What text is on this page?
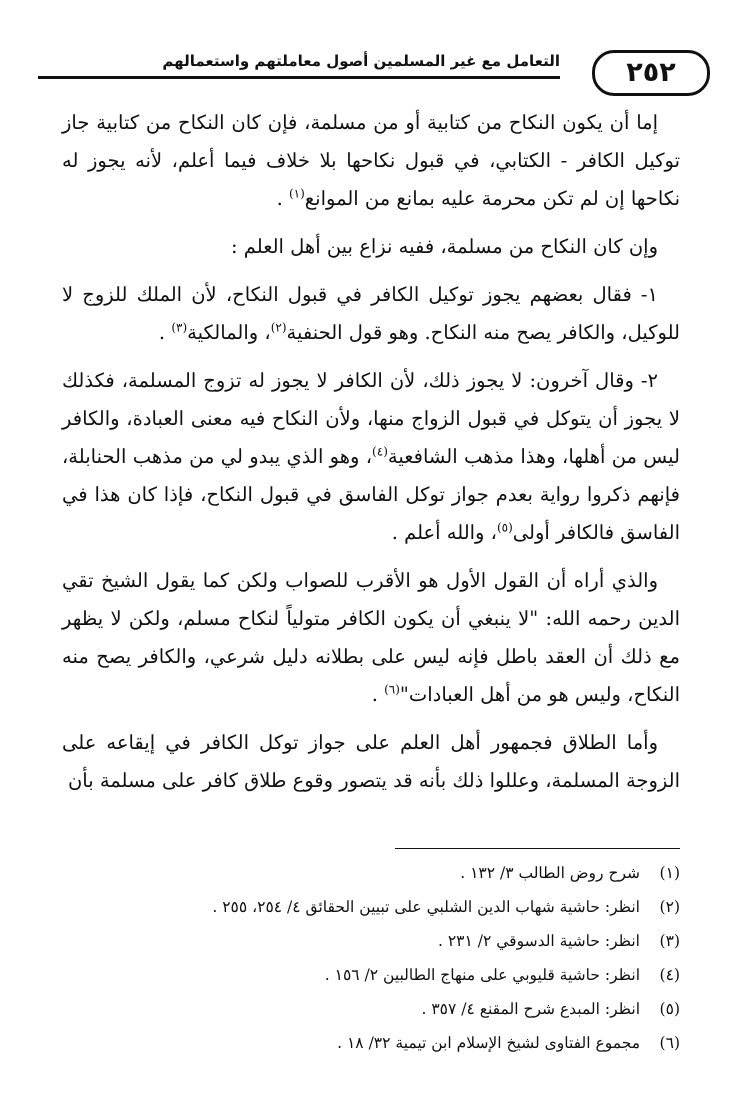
٢٥٢
التعامل مع غير المسلمين أصول معاملتهم واستعمالهم

إما أن يكون النكاح من كتابية أو من مسلمة، فإن كان النكاح من كتابية جاز توكيل الكافر - الكتابي، في قبول نكاحها بلا خلاف فيما أعلم، لأنه يجوز له نكاحها إن لم تكن محرمة عليه بمانع من الموانع$^{(١)}$ .

وإن كان النكاح من مسلمة، ففيه نزاع بين أهل العلم :

١- فقال بعضهم يجوز توكيل الكافر في قبول النكاح، لأن الملك للزوج لا للوكيل، والكافر يصح منه النكاح. وهو قول الحنفية$^{(٢)}$، والمالكية$^{(٣)}$ .

٢- وقال آخرون: لا يجوز ذلك، لأن الكافر لا يجوز له تزوج المسلمة، فكذلك لا يجوز أن يتوكل في قبول الزواج منها، ولأن النكاح فيه معنى العبادة، والكافر ليس من أهلها، وهذا مذهب الشافعية$^{(٤)}$، وهو الذي يبدو لي من مذهب الحنابلة، فإنهم ذكروا رواية بعدم جواز توكل الفاسق في قبول النكاح، فإذا كان هذا في الفاسق فالكافر أولى$^{(٥)}$، والله أعلم .

والذي أراه أن القول الأول هو الأقرب للصواب ولكن كما يقول الشيخ تقي الدين رحمه الله: "لا ينبغي أن يكون الكافر متولياً لنكاح مسلم، ولكن لا يظهر مع ذلك أن العقد باطل فإنه ليس على بطلانه دليل شرعي، والكافر يصح منه النكاح، وليس هو من أهل العبادات"$^{(٦)}$ .

وأما الطلاق فجمهور أهل العلم على جواز توكل الكافر في إيقاعه على الزوجة المسلمة، وعللوا ذلك بأنه قد يتصور وقوع طلاق كافر على مسلمة بأن

(١)
شرح روض الطالب ٣/ ١٣٢ .
(٢)
انظر: حاشية شهاب الدين الشلبي على تبيين الحقائق ٤/ ٢٥٤، ٢٥٥ .
(٣)
انظر: حاشية الدسوقي ٢/ ٢٣١ .
(٤)
انظر: حاشية قليوبي على منهاج الطالبين ٢/ ١٥٦ .
(٥)
انظر: المبدع شرح المقنع ٤/ ٣٥٧ .
(٦)
مجموع الفتاوى لشيخ الإسلام ابن تيمية ٣٢/ ١٨ .
